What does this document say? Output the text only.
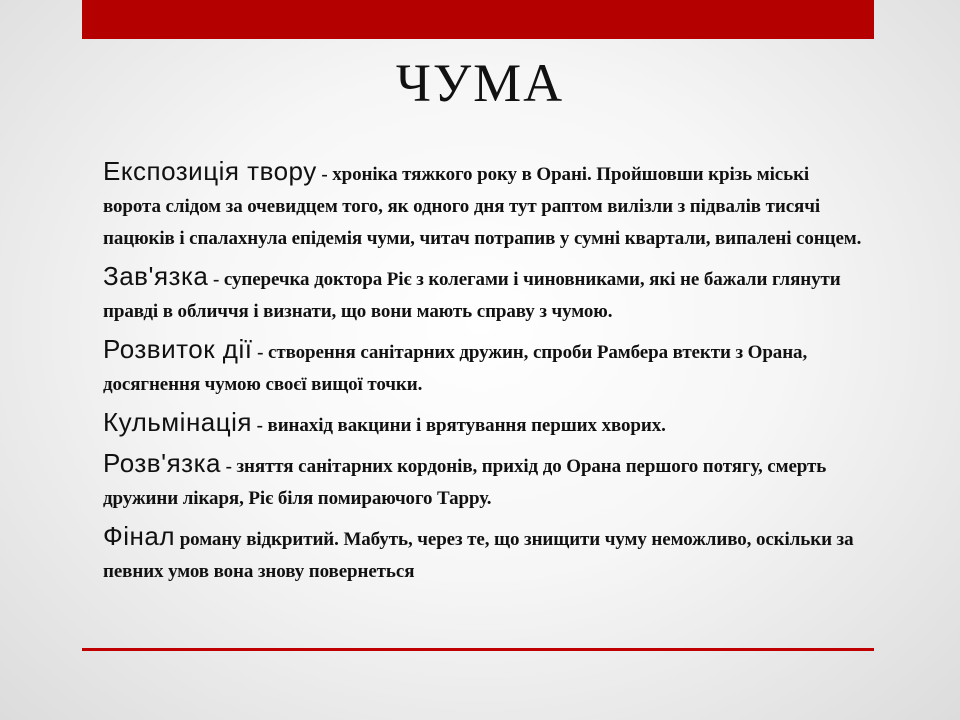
ЧУМА

Експозиція твору - хроніка тяжкого року в Орані. Пройшовши крізь міські ворота слідом за очевидцем того, як одного дня тут раптом вилізли з підвалів тисячі пацюків і спалахнула епідемія чуми, читач потрапив у сумні квартали, випалені сонцем.

Зав'язка - суперечка доктора Ріє з колегами і чиновниками, які не бажали глянути правді в обличчя і визнати, що вони мають справу з чумою.

Розвиток дії - створення санітарних дружин, спроби Рамбера втекти з Орана, досягнення чумою своєї вищої точки.

Кульмінація - винахід вакцини і врятування перших хворих.

Розв'язка - зняття санітарних кордонів, прихід до Орана першого потягу, смерть дружини лікаря, Ріє біля помираючого Тарру.

Фінал роману відкритий. Мабуть, через те, що знищити чуму неможливо, оскільки за певних умов вона знову повернеться
